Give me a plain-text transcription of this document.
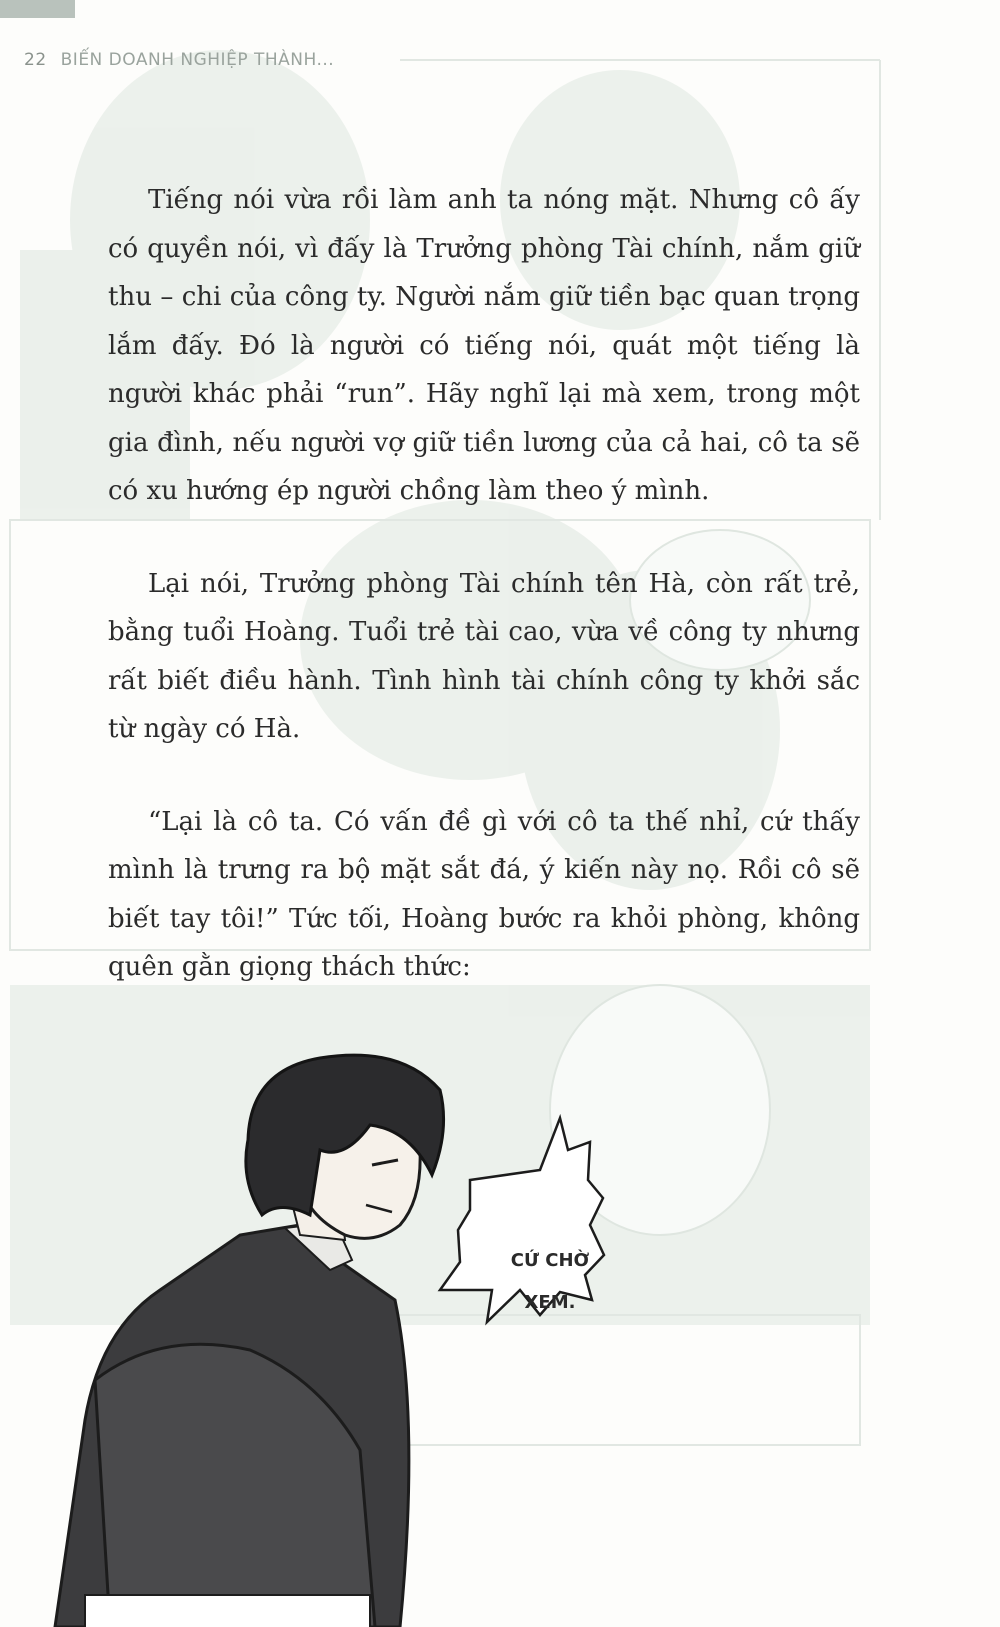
22 BIẾN DOANH NGHIỆP THÀNH...

Tiếng nói vừa rồi làm anh ta nóng mặt. Nhưng cô ấy có quyền nói, vì đấy là Trưởng phòng Tài chính, nắm giữ thu – chi của công ty. Người nắm giữ tiền bạc quan trọng lắm đấy. Đó là người có tiếng nói, quát một tiếng là người khác phải “run”. Hãy nghĩ lại mà xem, trong một gia đình, nếu người vợ giữ tiền lương của cả hai, cô ta sẽ có xu hướng ép người chồng làm theo ý mình.

Lại nói, Trưởng phòng Tài chính tên Hà, còn rất trẻ, bằng tuổi Hoàng. Tuổi trẻ tài cao, vừa về công ty nhưng rất biết điều hành. Tình hình tài chính công ty khởi sắc từ ngày có Hà.

“Lại là cô ta. Có vấn đề gì với cô ta thế nhỉ, cứ thấy mình là trưng ra bộ mặt sắt đá, ý kiến này nọ. Rồi cô sẽ biết tay tôi!” Tức tối, Hoàng bước ra khỏi phòng, không quên gằn giọng thách thức:

CỨ CHỜ
XEM.
